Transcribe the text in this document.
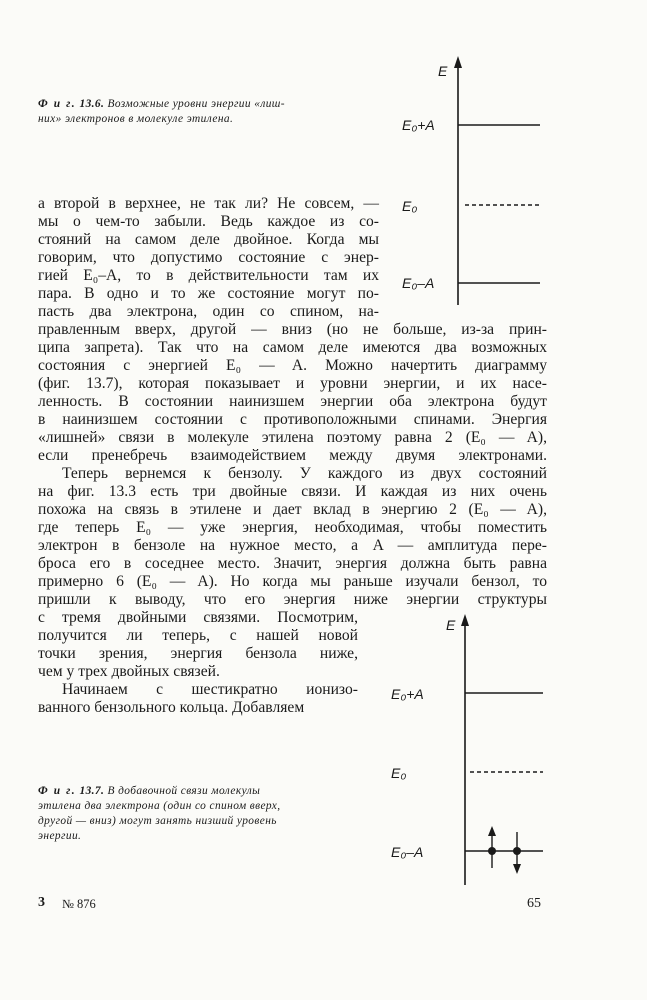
Ф и г. 13.6. Возможные уровни энергии «лиш-
них» электронов в молекуле этилена.

E
E₀+A
E₀
E₀–A
E
E₀+A
E₀
E₀–A
а второй в верхнее, не так ли? Не совсем, —
мы о чем-то забыли. Ведь каждое из со-
стояний на самом деле двойное. Когда мы
говорим, что допустимо состояние с энер-
гией E₀–A, то в действительности там их
пара. В одно и то же состояние могут по-
пасть два электрона, один со спином, на-
правленным вверх, другой — вниз (но не больше, из-за прин-
ципа запрета). Так что на самом деле имеются два возможных
состояния с энергией E₀ — A. Можно начертить диаграмму
(фиг. 13.7), которая показывает и уровни энергии, и их насе-
ленность. В состоянии наинизшем энергии оба электрона будут
в наинизшем состоянии с противоположными спинами. Энергия
«лишней» связи в молекуле этилена поэтому равна 2 (E₀ — A),
если пренебречь взаимодействием между двумя электронами.
Теперь вернемся к бензолу. У каждого из двух состояний
на фиг. 13.3 есть три двойные связи. И каждая из них очень
похожа на связь в этилене и дает вклад в энергию 2 (E₀ — A),
где теперь E₀ — уже энергия, необходимая, чтобы поместить
электрон в бензоле на нужное место, а A — амплитуда пере-
броса его в соседнее место. Значит, энергия должна быть равна
примерно 6 (E₀ — A). Но когда мы раньше изучали бензол, то
пришли к выводу, что его энергия ниже энергии структуры
с тремя двойными связями. Посмотрим,
получится ли теперь, с нашей новой
точки зрения, энергия бензола ниже,
чем у трех двойных связей.
Начинаем с шестикратно ионизо-
ванного бензольного кольца. Добавляем

Ф и г. 13.7. В добавочной связи молекулы
этилена два электрона (один со спином вверх,
другой — вниз) могут занять низший уровень
энергии.

3 № 876	65
